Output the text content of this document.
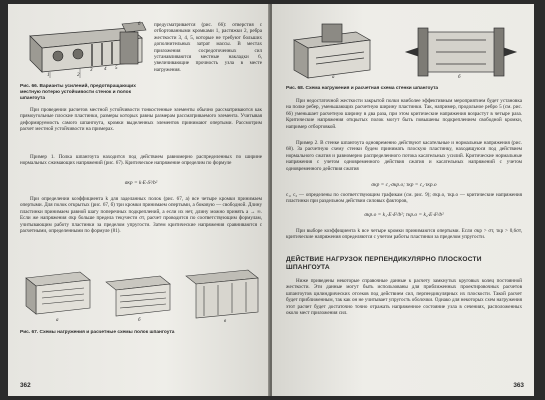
1	2
3 4 5
6
Рис. 66. Варианты усилений, предотвращающих местную потерю устойчивости стенок и полок шпангоута
предусматривается (рис. 66): отверстия с отбортованными кромками 1, растяжки 2, ребра жесткости 3, 4, 5, которые не требуют больших дополнительных затрат массы. В местах приложения сосредоточенных сил устанавливаются местные накладки 6, увеличивающие прочность узла в месте нагружения.
При проведении расчетов местной устойчивости тонкостенные элементы обычно рассматриваются как прямоугольные плоские пластинки, размеры которых равны размерам рассматриваемого элемента. Учитывая деформируемость самого шпангоута, кромки выделенных элементов принимают опертыми. Рассмотрим расчет местной устойчивости на примерах.
Пример 1. Полка шпангоута находится под действием равномерно распределенных по ширине нормальных сжимающих напряжений (рис. 67). Критическое напряжение определим по формуле
σкр = k·E·δ²/b²
При определении коэффициента k для заделанных полок (рис. 67, а) все четыре кромки принимаем опертыми. Для полок открытых (рис. 67, б) три кромки принимаем опертыми, а боковую — свободной. Длину пластинки принимаем равной шагу поперечных подкреплений, а если их нет, длину можно принять a → ∞. Если же напряжения σкр больше предела текучести σт, расчет проводится по соответствующим формулам, учитывающим работу пластинки за пределом упругости. Затем критические напряжения сравниваются с расчетными, определенными по формуле (81).
а	б	в
Рис. 67. Схемы нагружения и расчетные схемы полок шпангоута
362
а	б
Рис. 68. Схема нагружения и расчетная схема стенки шпангоута
При недостаточной жесткости закрытой полки наиболее эффективным мероприятием будет установка на полке ребер, уменьшающих расчетную ширину пластинки. Так, например, продольное ребро 5 (см. рис. 66) уменьшает расчетную ширину в два раза, при этом критические напряжения возрастут в четыре раза. Критические напряжения открытых полок могут быть повышены подкреплением свободной кромки, например отбортовкой.
Пример 2. В стенке шпангоута одновременно действуют касательные и нормальные напряжения (рис. 68). За расчетную схему стенки будем принимать плоскую пластинку, находящуюся под действием нормального сжатия и равномерно распределенного потока касательных усилий. Критические нормальные напряжения с учетом одновременного действия сжатия и касательных напряжений с учетом одновременного действия сжатия
σкр = c₁·σкр.о; τкр = c₂·τкр.о
c₁, c₂ — определены по соответствующим графикам (см. рис. 9); σкр.о, τкр.о — критические напряжения пластинки при раздельном действии силовых факторов,
σкр.о = k₁·E·δ²/b²; τкр.о = k₂·E·δ²/b²
При выборе коэффициента k все четыре кромки принимаются опертыми. Если σкр > σт, τкр > 0,6σт, критические напряжения определяются с учетом работы пластинки за пределом упругости.
ДЕЙСТВИЕ НАГРУЗОК ПЕРПЕНДИКУЛЯРНО ПЛОСКОСТИ ШПАНГОУТА
Ниже приведены некоторые справочные данные к расчету замкнутых круговых колец постоянной жесткости. Эти данные могут быть использованы для приближенных проектировочных расчетов шпангоутов цилиндрических отсеков под действием сил, перпендикулярных их плоскости. Такой расчет будет приближенным, так как он не учитывает упругость оболочки. Однако для некоторых схем нагружения этот расчет будет достаточно точно отражать напряженное состояние узла в сечениях, расположенных около мест приложения сил.
363
